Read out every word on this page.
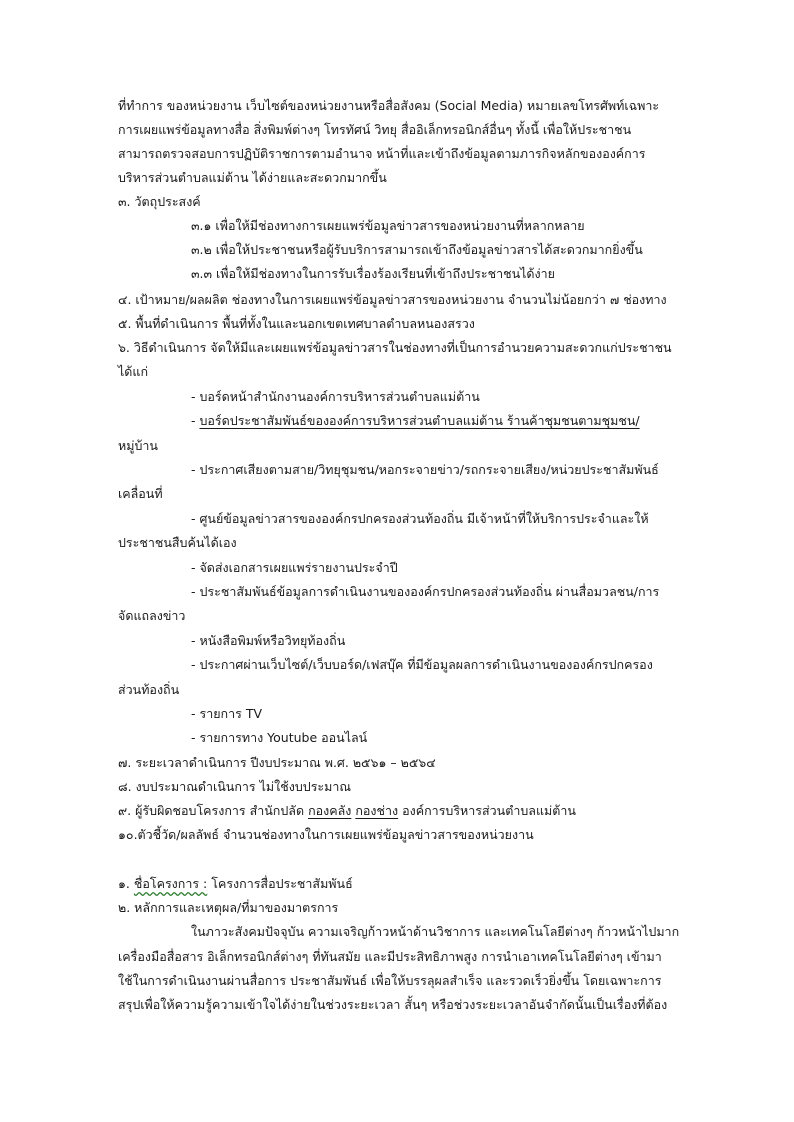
ที่ทำการ ของหน่วยงาน เว็บไซต์ของหน่วยงานหรือสื่อสังคม (Social Media) หมายเลขโทรศัพท์เฉพาะ
การเผยแพร่ข้อมูลทางสื่อ สิ่งพิมพ์ต่างๆ โทรทัศน์ วิทยุ สื่ออิเล็กทรอนิกส์อื่นๆ ทั้งนี้ เพื่อให้ประชาชน
สามารถตรวจสอบการปฏิบัติราชการตามอำนาจ หน้าที่และเข้าถึงข้อมูลตามภารกิจหลักขององค์การ
บริหารส่วนตำบลแม่ต้าน ได้ง่ายและสะดวกมากขึ้น
๓. วัตถุประสงค์
๓.๑ เพื่อให้มีช่องทางการเผยแพร่ข้อมูลข่าวสารของหน่วยงานที่หลากหลาย
๓.๒ เพื่อให้ประชาชนหรือผู้รับบริการสามารถเข้าถึงข้อมูลข่าวสารได้สะดวกมากยิ่งขึ้น
๓.๓ เพื่อให้มีช่องทางในการรับเรื่องร้องเรียนที่เข้าถึงประชาชนได้ง่าย
๔. เป้าหมาย/ผลผลิต ช่องทางในการเผยแพร่ข้อมูลข่าวสารของหน่วยงาน จำนวนไม่น้อยกว่า ๗ ช่องทาง
๕. พื้นที่ดำเนินการ พื้นที่ทั้งในและนอกเขตเทศบาลตำบลหนองสรวง
๖. วิธีดำเนินการ จัดให้มีและเผยแพร่ข้อมูลข่าวสารในช่องทางที่เป็นการอำนวยความสะดวกแก่ประชาชน
ได้แก่
- บอร์ดหน้าสำนักงานองค์การบริหารส่วนตำบลแม่ต้าน
- บอร์ดประชาสัมพันธ์ขององค์การบริหารส่วนตำบลแม่ต้าน ร้านค้าชุมชนตามชุมชน/
หมู่บ้าน
- ประกาศเสียงตามสาย/วิทยุชุมชน/หอกระจายข่าว/รถกระจายเสียง/หน่วยประชาสัมพันธ์
เคลื่อนที่
- ศูนย์ข้อมูลข่าวสารขององค์กรปกครองส่วนท้องถิ่น มีเจ้าหน้าที่ให้บริการประจำและให้
ประชาชนสืบค้นได้เอง
- จัดส่งเอกสารเผยแพร่รายงานประจำปี
- ประชาสัมพันธ์ข้อมูลการดำเนินงานขององค์กรปกครองส่วนท้องถิ่น ผ่านสื่อมวลชน/การ
จัดแถลงข่าว
- หนังสือพิมพ์หรือวิทยุท้องถิ่น
- ประกาศผ่านเว็บไซต์/เว็บบอร์ด/เฟสบุ๊ค ที่มีข้อมูลผลการดำเนินงานขององค์กรปกครอง
ส่วนท้องถิ่น
- รายการ TV
- รายการทาง Youtube ออนไลน์
๗. ระยะเวลาดำเนินการ ปีงบประมาณ พ.ศ. ๒๕๖๑ – ๒๕๖๔
๘. งบประมาณดำเนินการ ไม่ใช้งบประมาณ
๙. ผู้รับผิดชอบโครงการ สำนักปลัด กองคลัง กองช่าง องค์การบริหารส่วนตำบลแม่ต้าน
๑๐.ตัวชี้วัด/ผลลัพธ์ จำนวนช่องทางในการเผยแพร่ข้อมูลข่าวสารของหน่วยงาน
๑. ชื่อโครงการ : โครงการสื่อประชาสัมพันธ์
๒. หลักการและเหตุผล/ที่มาของมาตรการ
ในภาวะสังคมปัจจุบัน ความเจริญก้าวหน้าด้านวิชาการ และเทคโนโลยีต่างๆ ก้าวหน้าไปมาก
เครื่องมือสื่อสาร อิเล็กทรอนิกส์ต่างๆ ที่ทันสมัย และมีประสิทธิภาพสูง การนำเอาเทคโนโลยีต่างๆ เข้ามา
ใช้ในการดำเนินงานผ่านสื่อการ ประชาสัมพันธ์ เพื่อให้บรรลุผลสำเร็จ และรวดเร็วยิ่งขึ้น โดยเฉพาะการ
สรุปเพื่อให้ความรู้ความเข้าใจได้ง่ายในช่วงระยะเวลา สั้นๆ หรือช่วงระยะเวลาอันจำกัดนั้นเป็นเรื่องที่ต้อง
